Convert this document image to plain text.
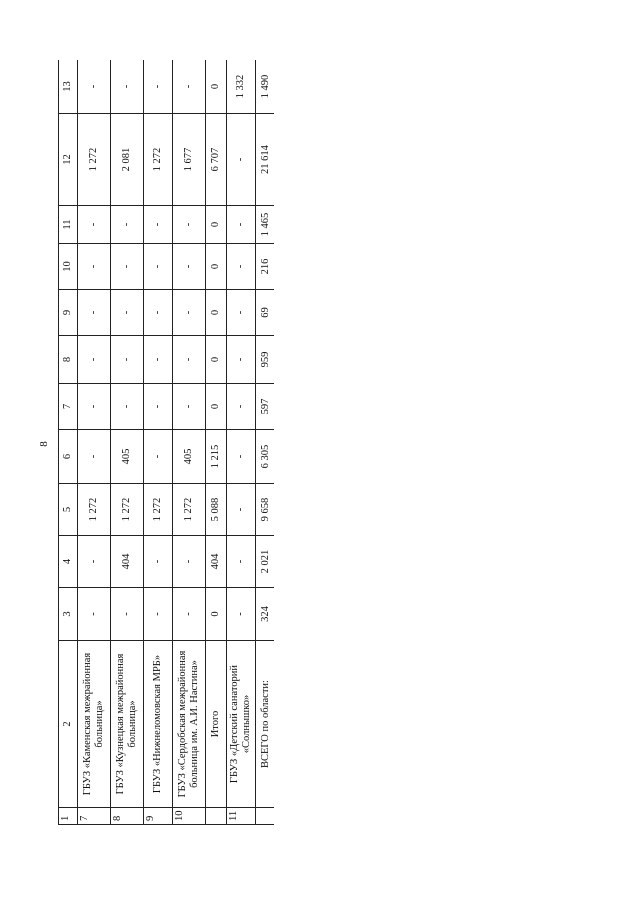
8
1	2	3	4	5	6	7	8	9	10	11	12	13
7	ГБУЗ «Каменская межрайонная больница»	-	-	1 272	-	-	-	-	-	-	1 272	-
8	ГБУЗ «Кузнецкая межрайонная больница»	-	404	1 272	405	-	-	-	-	-	2 081	-
9	ГБУЗ «Нижнеломовская МРБ»	-	-	1 272	-	-	-	-	-	-	1 272	-
10	ГБУЗ «Сердобская межрайонная больница им. А.И. Настина»	-	-	1 272	405	-	-	-	-	-	1 677	-
	Итого	0	404	5 088	1 215	0	0	0	0	0	6 707	0
11	ГБУЗ «Детский санаторий «Солнышко»	-	-	-	-	-	-	-	-	-	-	1 332
	ВСЕГО по области:	324	2 021	9 658	6 305	597	959	69	216	1 465	21 614	1 490
